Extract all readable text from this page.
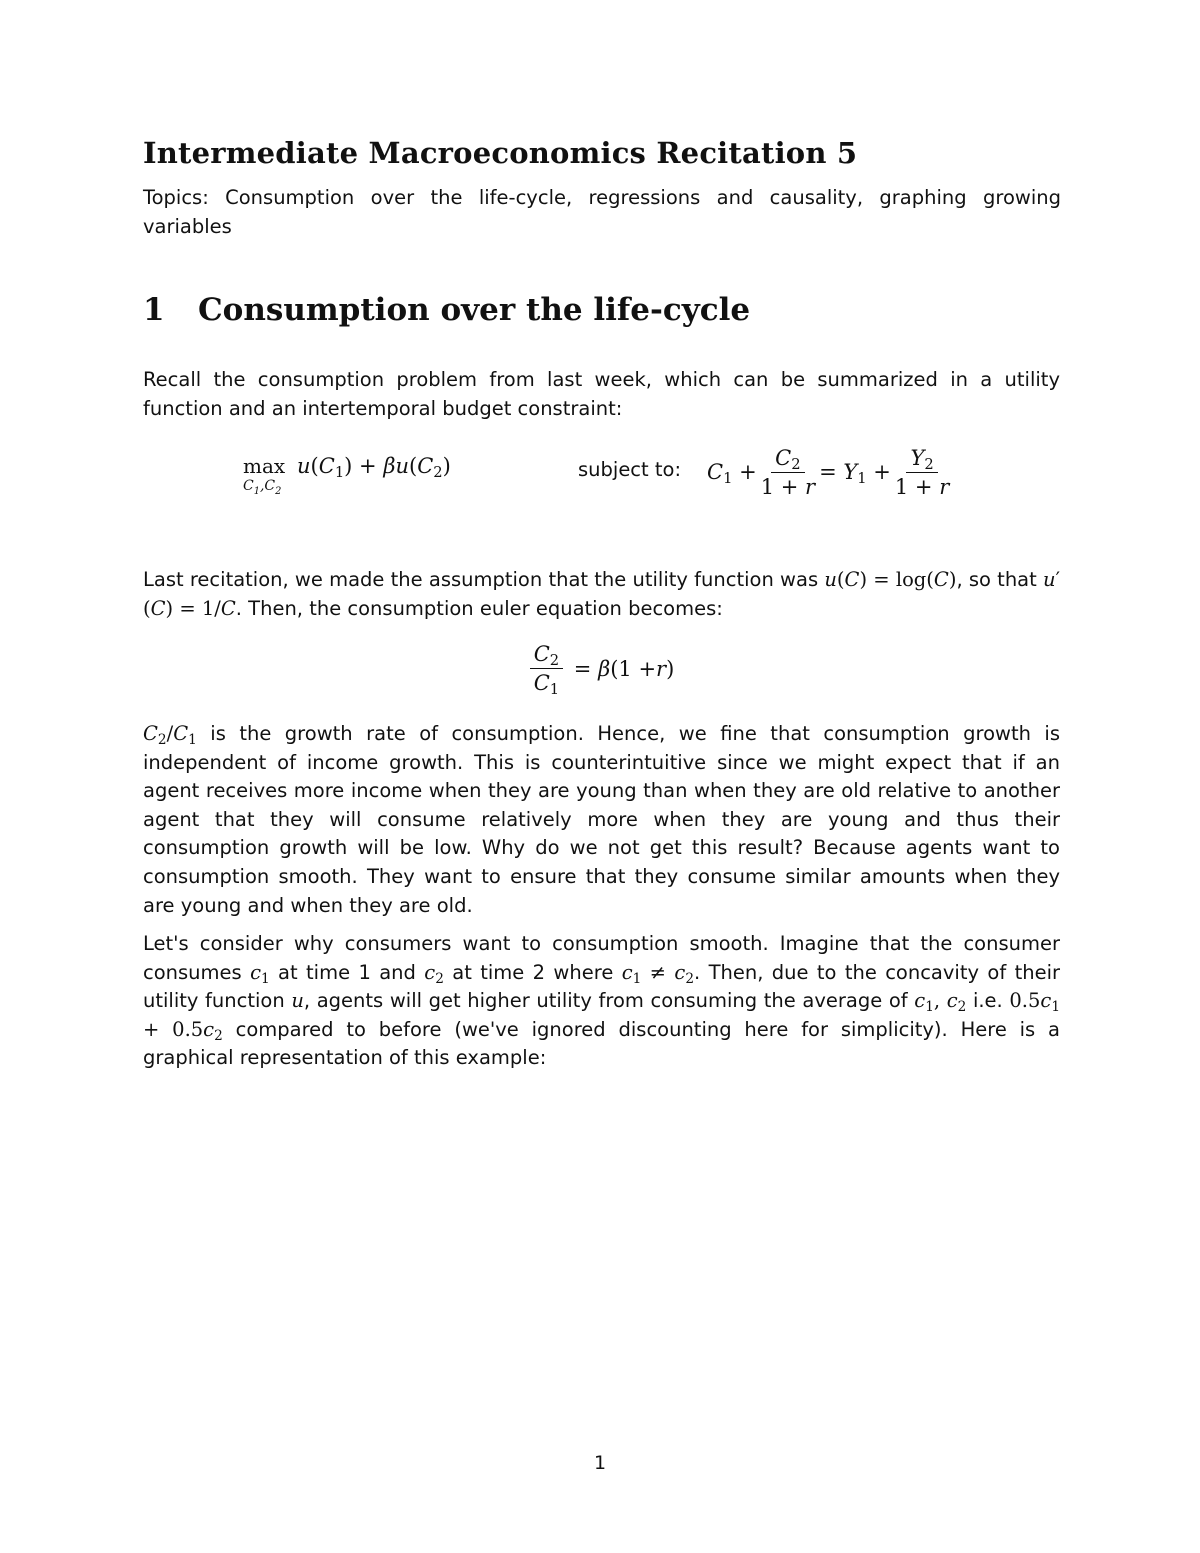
Intermediate Macroeconomics Recitation 5
Topics: Consumption over the life-cycle, regressions and causality, graphing growing variables
1 Consumption over the life-cycle
Recall the consumption problem from last week, which can be summarized in a utility function and an intertemporal budget constraint:
max
$C_1,C_2$
$u(C_1) + \beta u(C_2)$	subject to: $C_1 + \frac{C_2}{1 + r} = Y_1 + \frac{Y_2}{1 + r}$
Last recitation, we made the assumption that the utility function was u(C) = log(C), so that u′(C) = 1/C. Then, the consumption euler equation becomes:
$\frac{C_2}{C_1} = \beta$ (1 + r )
$C_2/C_1$ is the growth rate of consumption. Hence, we fine that consumption growth is independent of income growth. This is counterintuitive since we might expect that if an agent receives more income when they are young than when they are old relative to another agent that they will consume relatively more when they are young and thus their consumption growth will be low. Why do we not get this result? Because agents want to consumption smooth. They want to ensure that they consume similar amounts when they are young and when they are old.
Let's consider why consumers want to consumption smooth. Imagine that the consumer consumes $c_1$ at time 1 and $c_2$ at time 2 where $c_1 \ne c_2$. Then, due to the concavity of their utility function u, agents will get higher utility from consuming the average of $c_1$, $c_2$ i.e. $0.5c_1 + 0.5c_2$ compared to before (we've ignored discounting here for simplicity). Here is a graphical representation of this example:
1
